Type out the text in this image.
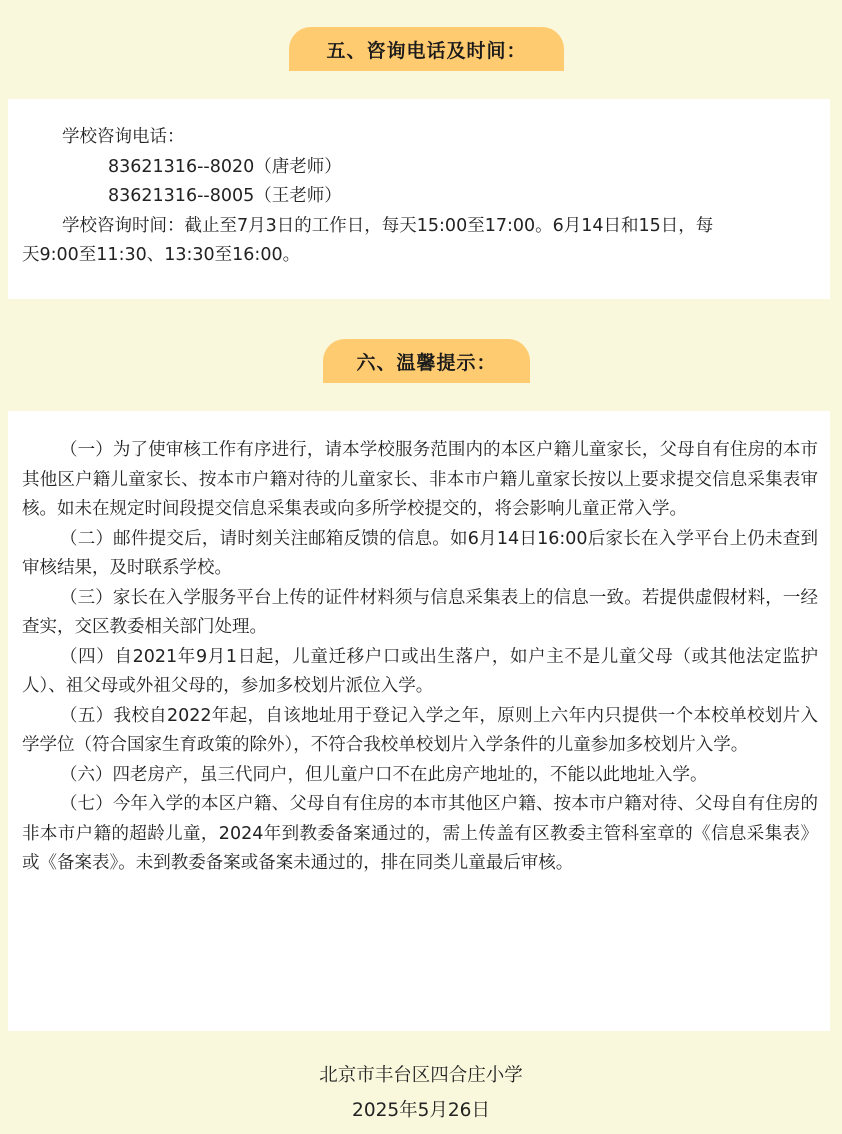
五、咨询电话及时间：
学校咨询电话：
83621316--8020（唐老师）
83621316--8005（王老师）
学校咨询时间：截止至7月3日的工作日，每天15:00至17:00。6月14日和15日，每
天9:00至11:30、13:30至16:00。
六、温馨提示：

（一）为了使审核工作有序进行，请本学校服务范围内的本区户籍儿童家长，父母自有住房的本市其他区户籍儿童家长、按本市户籍对待的儿童家长、非本市户籍儿童家长按以上要求提交信息采集表审核。如未在规定时间段提交信息采集表或向多所学校提交的，将会影响儿童正常入学。

（二）邮件提交后，请时刻关注邮箱反馈的信息。如6月14日16:00后家长在入学平台上仍未查到审核结果，及时联系学校。

（三）家长在入学服务平台上传的证件材料须与信息采集表上的信息一致。若提供虚假材料，一经查实，交区教委相关部门处理。

（四）自2021年9月1日起，儿童迁移户口或出生落户，如户主不是儿童父母（或其他法定监护人）、祖父母或外祖父母的，参加多校划片派位入学。

（五）我校自2022年起，自该地址用于登记入学之年，原则上六年内只提供一个本校单校划片入学学位（符合国家生育政策的除外），不符合我校单校划片入学条件的儿童参加多校划片入学。

（六）四老房产，虽三代同户，但儿童户口不在此房产地址的，不能以此地址入学。

（七）今年入学的本区户籍、父母自有住房的本市其他区户籍、按本市户籍对待、父母自有住房的非本市户籍的超龄儿童，2024年到教委备案通过的，需上传盖有区教委主管科室章的《信息采集表》或《备案表》。未到教委备案或备案未通过的，排在同类儿童最后审核。

北京市丰台区四合庄小学
2025年5月26日
